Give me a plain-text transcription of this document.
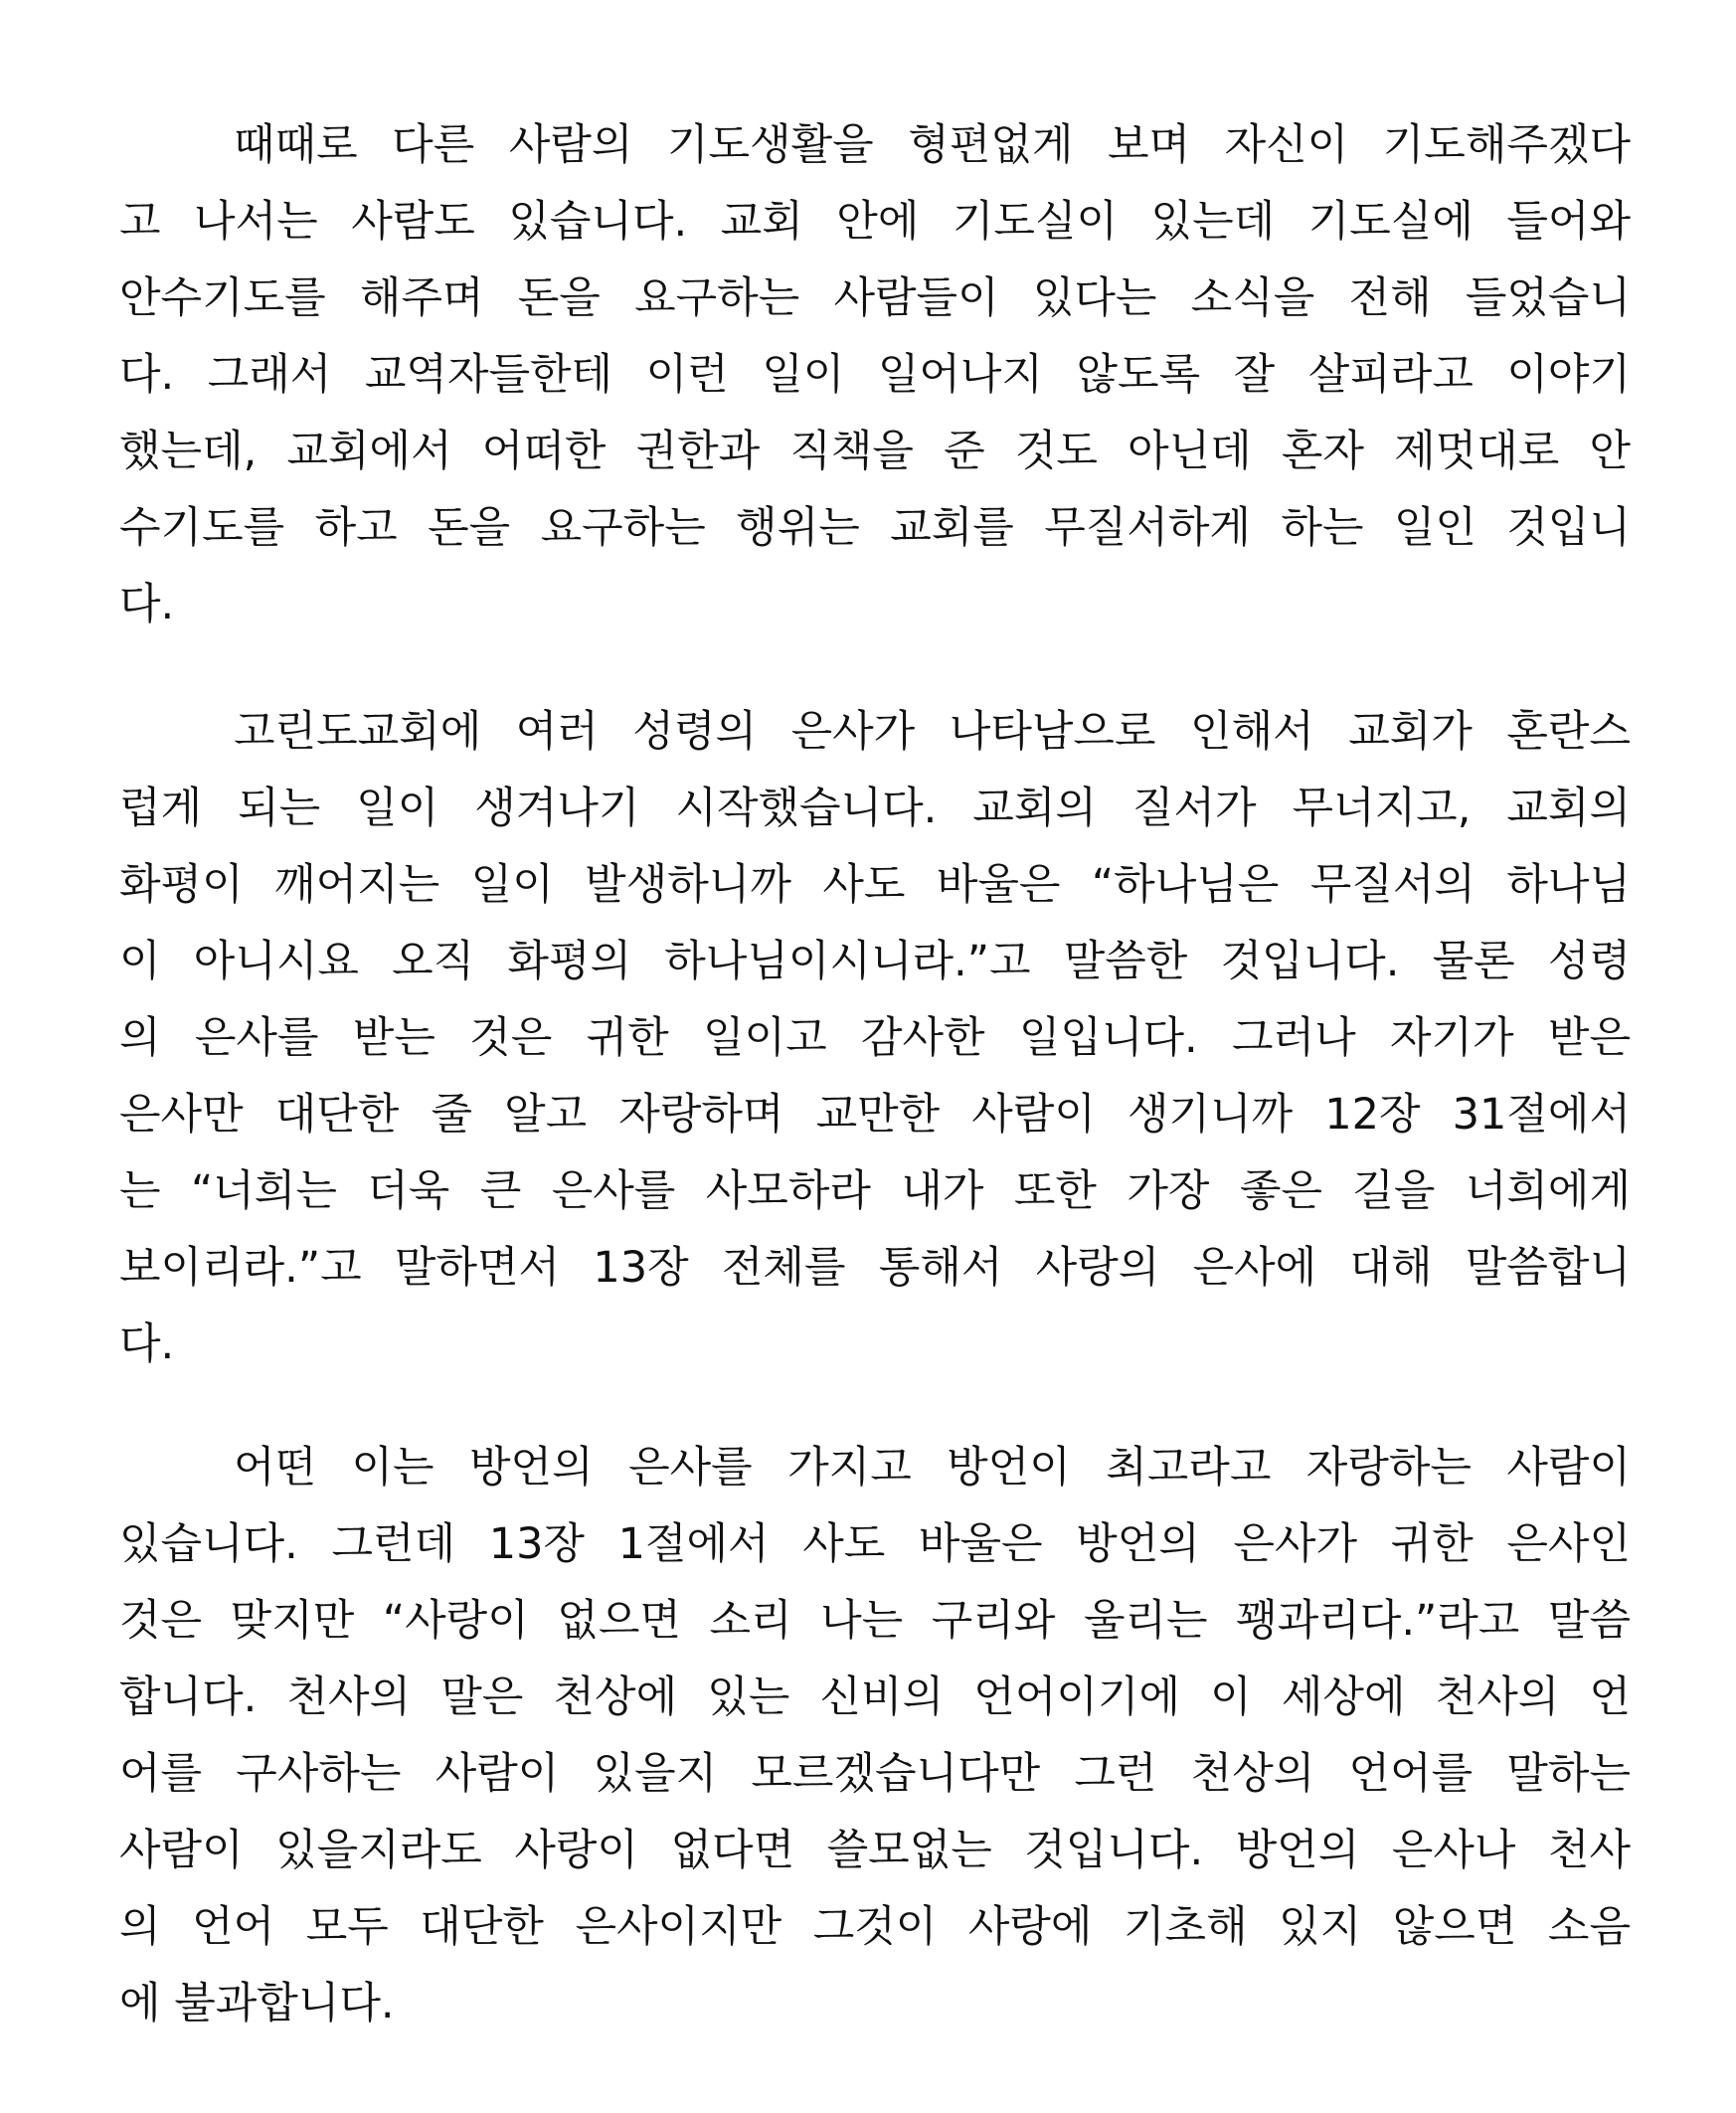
때때로 다른 사람의 기도생활을 형편없게 보며 자신이 기도해주겠다
고 나서는 사람도 있습니다. 교회 안에 기도실이 있는데 기도실에 들어와
안수기도를 해주며 돈을 요구하는 사람들이 있다는 소식을 전해 들었습니
다. 그래서 교역자들한테 이런 일이 일어나지 않도록 잘 살피라고 이야기
했는데, 교회에서 어떠한 권한과 직책을 준 것도 아닌데 혼자 제멋대로 안
수기도를 하고 돈을 요구하는 행위는 교회를 무질서하게 하는 일인 것입니
다.
고린도교회에 여러 성령의 은사가 나타남으로 인해서 교회가 혼란스
럽게 되는 일이 생겨나기 시작했습니다. 교회의 질서가 무너지고, 교회의
화평이 깨어지는 일이 발생하니까 사도 바울은 “하나님은 무질서의 하나님
이 아니시요 오직 화평의 하나님이시니라.”고 말씀한 것입니다. 물론 성령
의 은사를 받는 것은 귀한 일이고 감사한 일입니다. 그러나 자기가 받은
은사만 대단한 줄 알고 자랑하며 교만한 사람이 생기니까 12장 31절에서
는 “너희는 더욱 큰 은사를 사모하라 내가 또한 가장 좋은 길을 너희에게
보이리라.”고 말하면서 13장 전체를 통해서 사랑의 은사에 대해 말씀합니
다.
어떤 이는 방언의 은사를 가지고 방언이 최고라고 자랑하는 사람이
있습니다. 그런데 13장 1절에서 사도 바울은 방언의 은사가 귀한 은사인
것은 맞지만 “사랑이 없으면 소리 나는 구리와 울리는 꽹과리다.”라고 말씀
합니다. 천사의 말은 천상에 있는 신비의 언어이기에 이 세상에 천사의 언
어를 구사하는 사람이 있을지 모르겠습니다만 그런 천상의 언어를 말하는
사람이 있을지라도 사랑이 없다면 쓸모없는 것입니다. 방언의 은사나 천사
의 언어 모두 대단한 은사이지만 그것이 사랑에 기초해 있지 않으면 소음
에 불과합니다.
